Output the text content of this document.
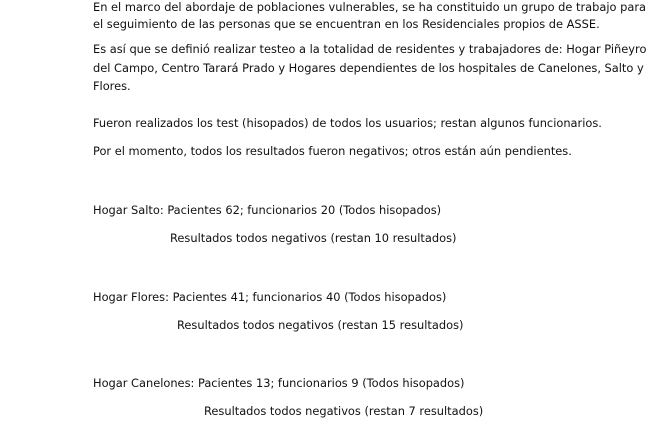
En el marco del abordaje de poblaciones vulnerables, se ha constituido un grupo de trabajo para
el seguimiento de las personas que se encuentran en los Residenciales propios de ASSE.
Es así que se definió realizar testeo a la totalidad de residentes y trabajadores de: Hogar Piñeyro
del Campo, Centro Tarará Prado y Hogares dependientes de los hospitales de Canelones, Salto y
Flores.
Fueron realizados los test (hisopados) de todos los usuarios; restan algunos funcionarios.
Por el momento, todos los resultados fueron negativos; otros están aún pendientes.
Hogar Salto: Pacientes 62; funcionarios 20 (Todos hisopados)
Resultados todos negativos (restan 10 resultados)
Hogar Flores: Pacientes 41; funcionarios 40 (Todos hisopados)
Resultados todos negativos (restan 15 resultados)
Hogar Canelones: Pacientes 13; funcionarios 9 (Todos hisopados)
Resultados todos negativos (restan 7 resultados)
